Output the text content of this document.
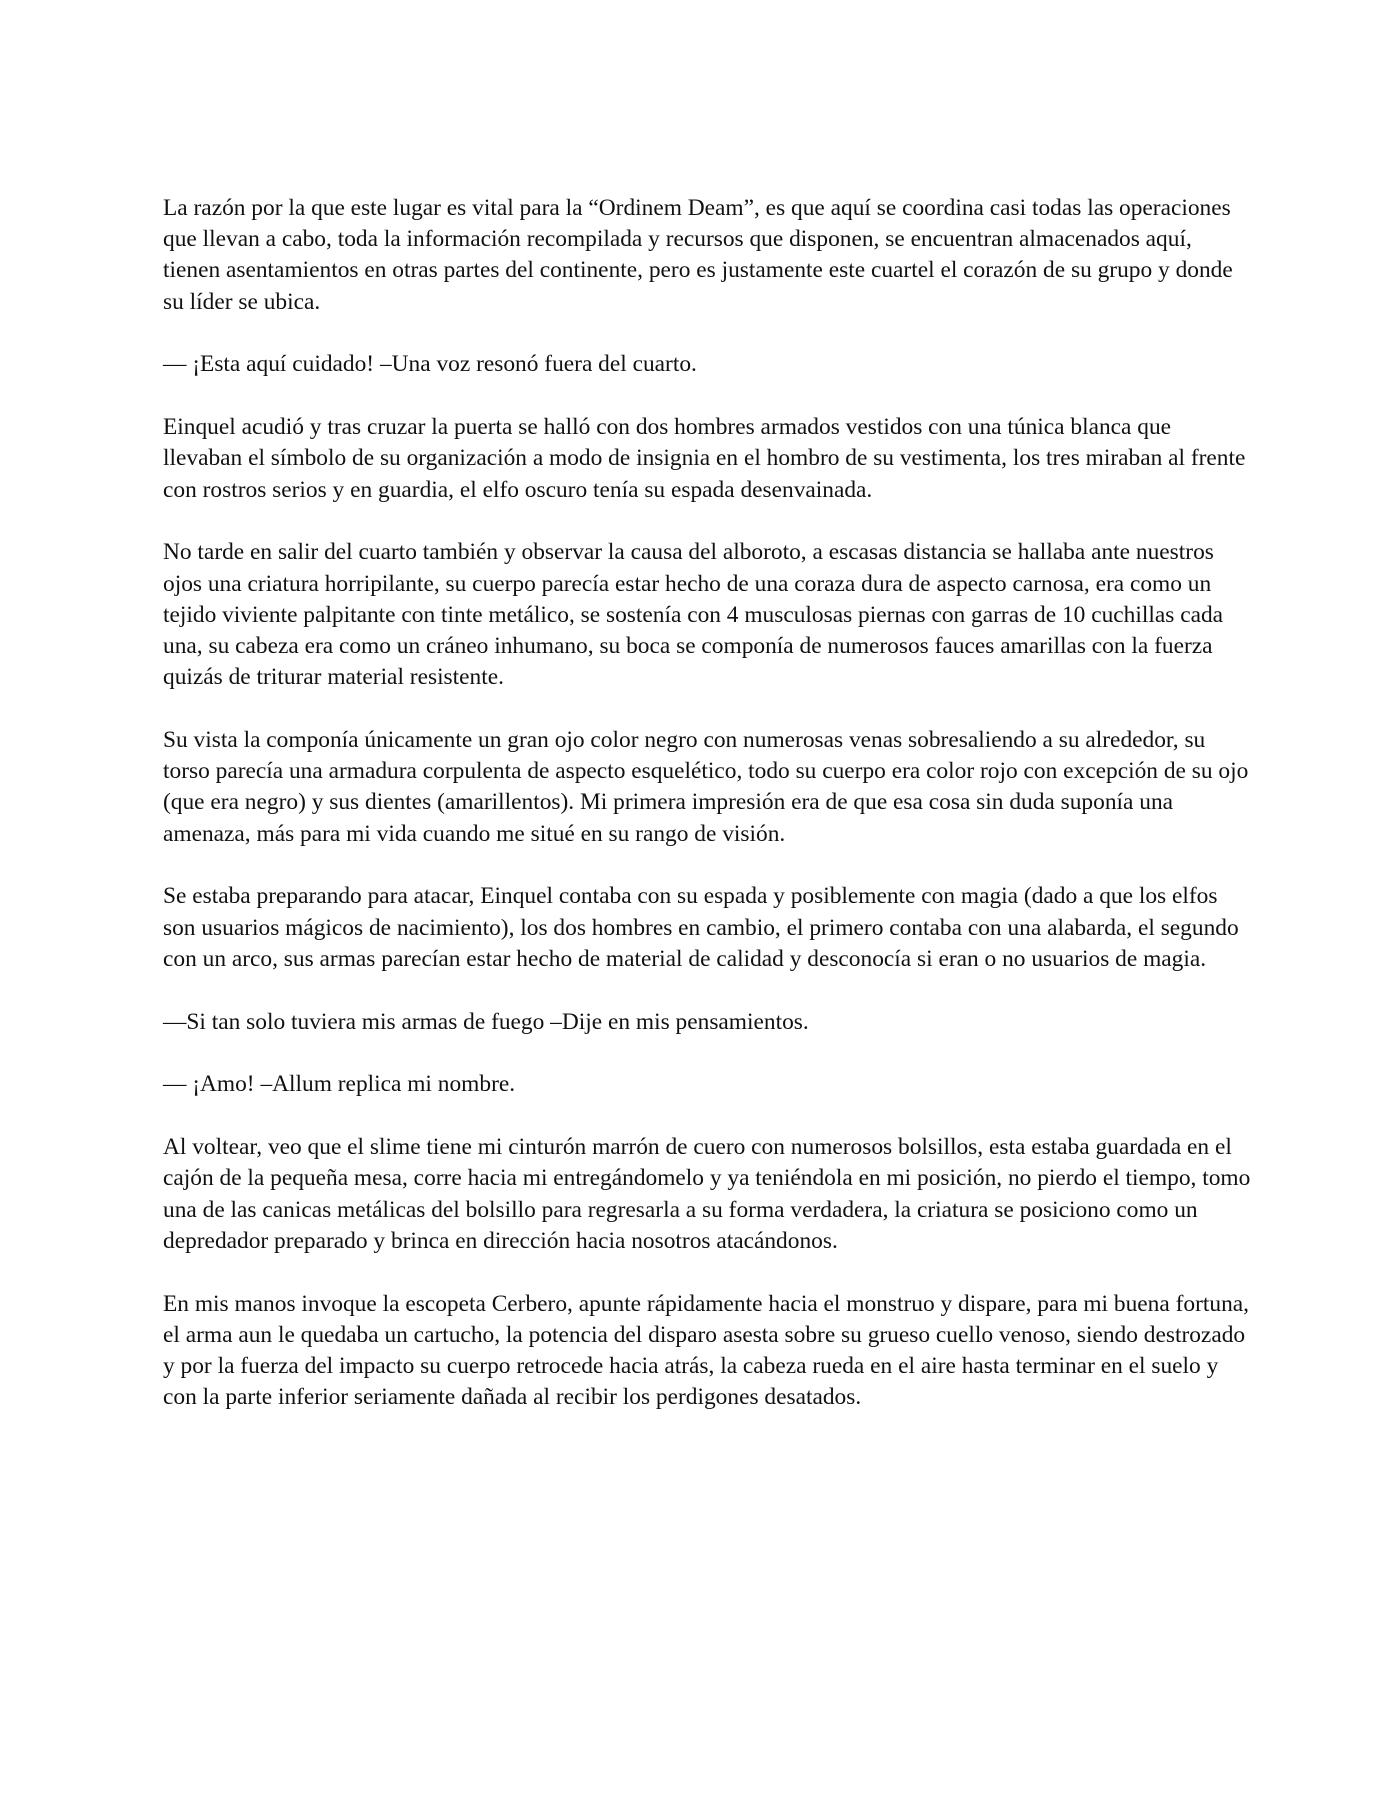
La razón por la que este lugar es vital para la “Ordinem Deam”, es que aquí se coordina casi todas las operaciones que llevan a cabo, toda la información recompilada y recursos que disponen, se encuentran almacenados aquí, tienen asentamientos en otras partes del continente, pero es justamente este cuartel el corazón de su grupo y donde su líder se ubica.

— ¡Esta aquí cuidado! –Una voz resonó fuera del cuarto.

Einquel acudió y tras cruzar la puerta se halló con dos hombres armados vestidos con una túnica blanca que llevaban el símbolo de su organización a modo de insignia en el hombro de su vestimenta, los tres miraban al frente con rostros serios y en guardia, el elfo oscuro tenía su espada desenvainada.

No tarde en salir del cuarto también y observar la causa del alboroto, a escasas distancia se hallaba ante nuestros ojos una criatura horripilante, su cuerpo parecía estar hecho de una coraza dura de aspecto carnosa, era como un tejido viviente palpitante con tinte metálico, se sostenía con 4 musculosas piernas con garras de 10 cuchillas cada una, su cabeza era como un cráneo inhumano, su boca se componía de numerosos fauces amarillas con la fuerza quizás de triturar material resistente.

Su vista la componía únicamente un gran ojo color negro con numerosas venas sobresaliendo a su alrededor, su torso parecía una armadura corpulenta de aspecto esquelético, todo su cuerpo era color rojo con excepción de su ojo (que era negro) y sus dientes (amarillentos). Mi primera impresión era de que esa cosa sin duda suponía una amenaza, más para mi vida cuando me situé en su rango de visión.

Se estaba preparando para atacar, Einquel contaba con su espada y posiblemente con magia (dado a que los elfos son usuarios mágicos de nacimiento), los dos hombres en cambio, el primero contaba con una alabarda, el segundo con un arco, sus armas parecían estar hecho de material de calidad y desconocía si eran o no usuarios de magia.

—Si tan solo tuviera mis armas de fuego –Dije en mis pensamientos.

— ¡Amo! –Allum replica mi nombre.

Al voltear, veo que el slime tiene mi cinturón marrón de cuero con numerosos bolsillos, esta estaba guardada en el cajón de la pequeña mesa, corre hacia mi entregándomelo y ya teniéndola en mi posición, no pierdo el tiempo, tomo una de las canicas metálicas del bolsillo para regresarla a su forma verdadera, la criatura se posiciono como un depredador preparado y brinca en dirección hacia nosotros atacándonos.

En mis manos invoque la escopeta Cerbero, apunte rápidamente hacia el monstruo y dispare, para mi buena fortuna, el arma aun le quedaba un cartucho, la potencia del disparo asesta sobre su grueso cuello venoso, siendo destrozado y por la fuerza del impacto su cuerpo retrocede hacia atrás, la cabeza rueda en el aire hasta terminar en el suelo y con la parte inferior seriamente dañada al recibir los perdigones desatados.
